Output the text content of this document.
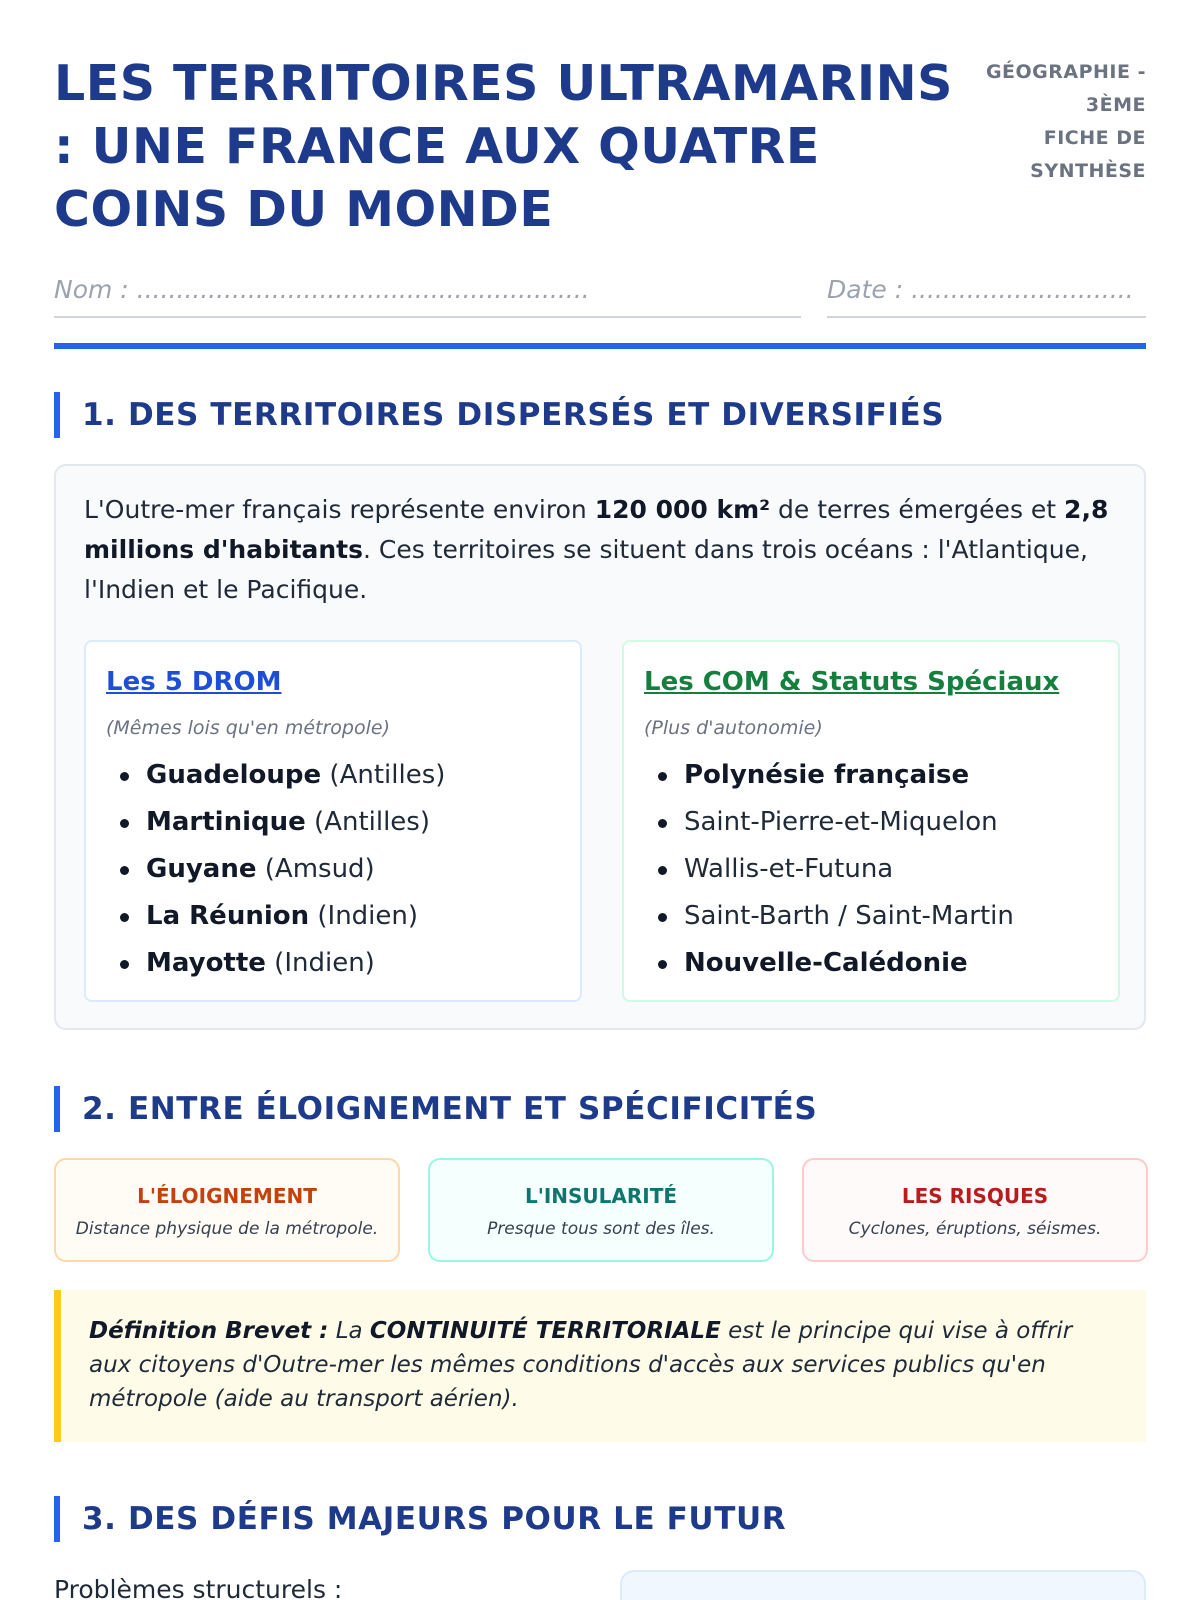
LES TERRITOIRES ULTRAMARINS : UNE FRANCE AUX QUATRE COINS DU MONDE
GÉOGRAPHIE -
3ÈME
FICHE DE
SYNTHÈSE
Nom : .........................................................	Date : ............................
1. DES TERRITOIRES DISPERSÉS ET DIVERSIFIÉS

L'Outre-mer français représente environ 120 000 km² de terres émergées et 2,8 millions d'habitants. Ces territoires se situent dans trois océans : l'Atlantique, l'Indien et le Pacifique.

Les 5 DROM
(Mêmes lois qu'en métropole)
Guadeloupe (Antilles)
Martinique (Antilles)
Guyane (Amsud)
La Réunion (Indien)
Mayotte (Indien)
Les COM & Statuts Spéciaux
(Plus d'autonomie)
Polynésie française
Saint-Pierre-et-Miquelon
Wallis-et-Futuna
Saint-Barth / Saint-Martin
Nouvelle-Calédonie
2. ENTRE ÉLOIGNEMENT ET SPÉCIFICITÉS
L'ÉLOIGNEMENT
Distance physique de la métropole.
L'INSULARITÉ
Presque tous sont des îles.
LES RISQUES
Cyclones, éruptions, séismes.
Définition Brevet : La CONTINUITÉ TERRITORIALE est le principe qui vise à offrir aux citoyens d'Outre-mer les mêmes conditions d'accès aux services publics qu'en métropole (aide au transport aérien).
3. DES DÉFIS MAJEURS POUR LE FUTUR
Problèmes structurels :
